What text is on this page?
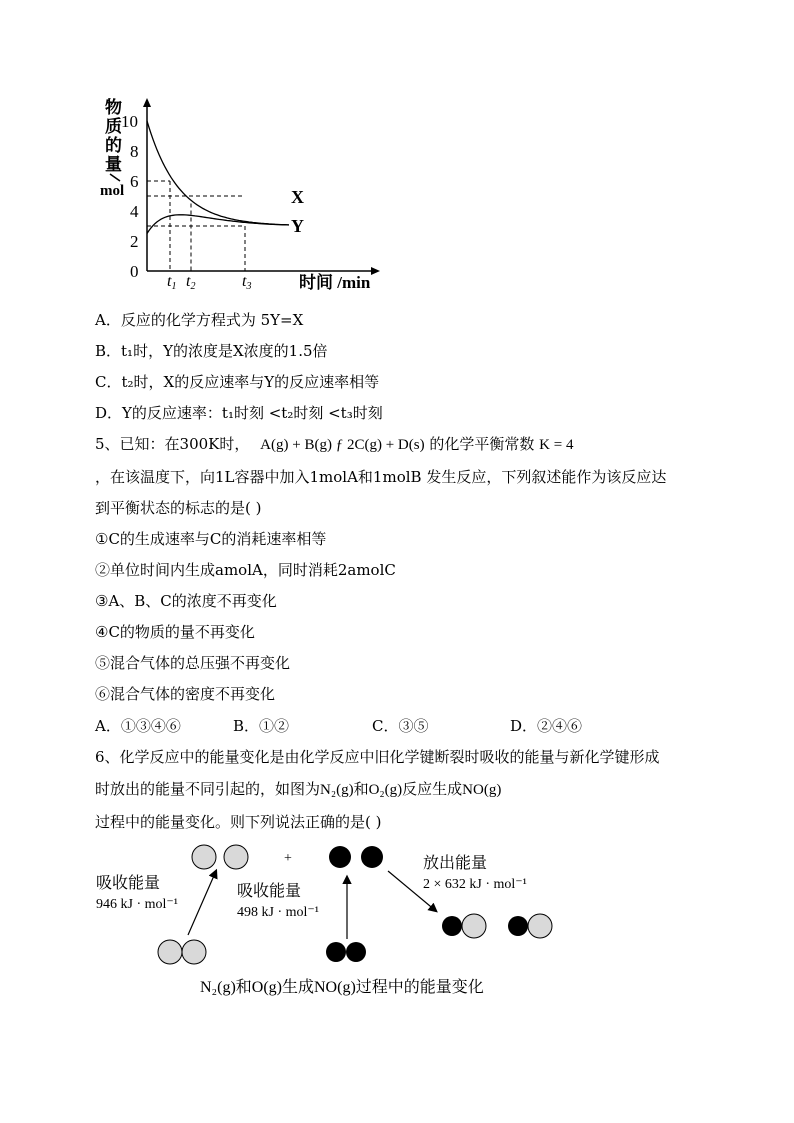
0
2
4
6
8
10
物
质
的
量
mol	X
Y
t1 t2	t3	时间 /min
A．反应的化学方程式为 5Y=X
B．t₁时，Y的浓度是X浓度的1.5倍
C．t₂时，X的反应速率与Y的反应速率相等
D．Y的反应速率：t₁时刻 <t₂时刻 <t₃时刻
5、已知：在300K时， A(g) + B(g) ƒ 2C(g) + D(s) 的化学平衡常数 K = 4
，在该温度下，向1L容器中加入1molA和1molB 发生反应，下列叙述能作为该反应达
到平衡状态的标志的是( )
①C的生成速率与C的消耗速率相等
②单位时间内生成amolA，同时消耗2amolC
③A、B、C的浓度不再变化
④C的物质的量不再变化
⑤混合气体的总压强不再变化
⑥混合气体的密度不再变化
A．①③④⑥	B．①②	C．③⑤	D．②④⑥
6、化学反应中的能量变化是由化学反应中旧化学键断裂时吸收的能量与新化学键形成
时放出的能量不同引起的，如图为N₂(g)和O₂(g)反应生成NO(g)
过程中的能量变化。则下列说法正确的是( )
+
吸收能量
946 kJ · mol⁻¹
吸收能量
498 kJ · mol⁻¹
放出能量
2 × 632 kJ · mol⁻¹
N₂(g)和O(g)生成NO(g)过程中的能量变化
